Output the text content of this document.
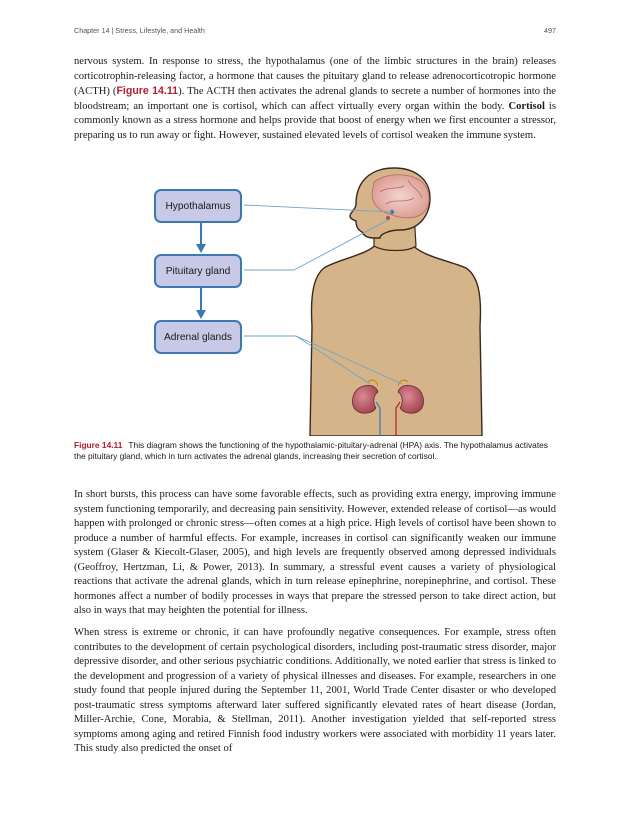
Chapter 14 | Stress, Lifestyle, and Health	497

nervous system. In response to stress, the hypothalamus (one of the limbic structures in the brain) releases corticotrophin-releasing factor, a hormone that causes the pituitary gland to release adrenocorticotropic hormone (ACTH) (Figure 14.11). The ACTH then activates the adrenal glands to secrete a number of hormones into the bloodstream; an important one is cortisol, which can affect virtually every organ within the body. Cortisol is commonly known as a stress hormone and helps provide that boost of energy when we first encounter a stressor, preparing us to run away or fight. However, sustained elevated levels of cortisol weaken the immune system.

Hypothalamus
Pituitary gland
Adrenal glands

Figure 14.11 This diagram shows the functioning of the hypothalamic-pituitary-adrenal (HPA) axis. The hypothalamus activates the pituitary gland, which in turn activates the adrenal glands, increasing their secretion of cortisol.

In short bursts, this process can have some favorable effects, such as providing extra energy, improving immune system functioning temporarily, and decreasing pain sensitivity. However, extended release of cortisol—as would happen with prolonged or chronic stress—often comes at a high price. High levels of cortisol have been shown to produce a number of harmful effects. For example, increases in cortisol can significantly weaken our immune system (Glaser & Kiecolt-Glaser, 2005), and high levels are frequently observed among depressed individuals (Geoffroy, Hertzman, Li, & Power, 2013). In summary, a stressful event causes a variety of physiological reactions that activate the adrenal glands, which in turn release epinephrine, norepinephrine, and cortisol. These hormones affect a number of bodily processes in ways that prepare the stressed person to take direct action, but also in ways that may heighten the potential for illness.

When stress is extreme or chronic, it can have profoundly negative consequences. For example, stress often contributes to the development of certain psychological disorders, including post-traumatic stress disorder, major depressive disorder, and other serious psychiatric conditions. Additionally, we noted earlier that stress is linked to the development and progression of a variety of physical illnesses and diseases. For example, researchers in one study found that people injured during the September 11, 2001, World Trade Center disaster or who developed post-traumatic stress symptoms afterward later suffered significantly elevated rates of heart disease (Jordan, Miller-Archie, Cone, Morabia, & Stellman, 2011). Another investigation yielded that self-reported stress symptoms among aging and retired Finnish food industry workers were associated with morbidity 11 years later. This study also predicted the onset of
